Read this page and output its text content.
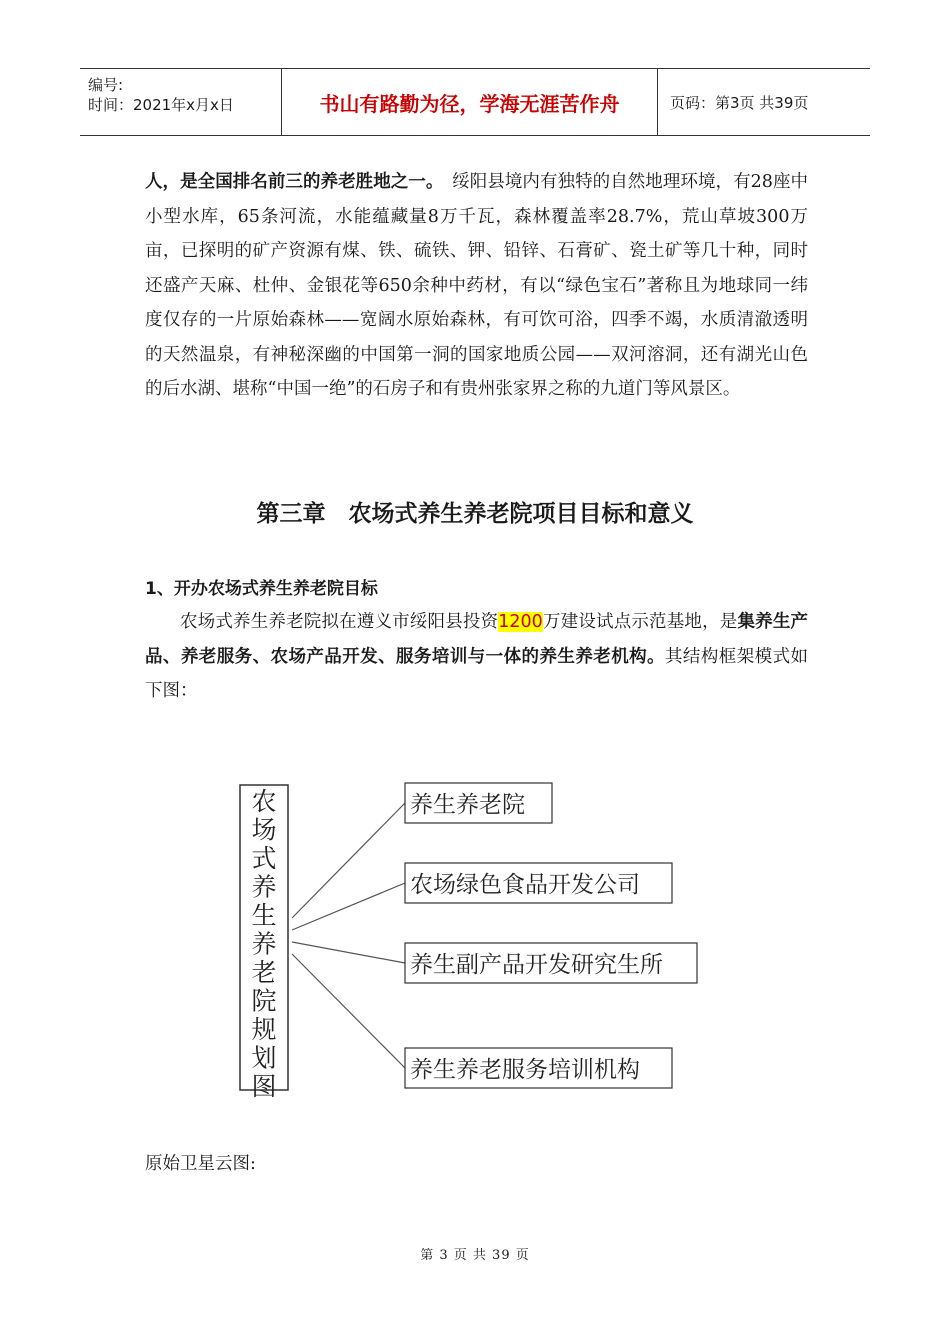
编号:
时间：2021年x月x日	书山有路勤为径，学海无涯苦作舟	页码：第3页 共39页
人，是全国排名前三的养老胜地之一。　 绥阳县境内有独特的自然地理环境，有28座中小型水库，65条河流，水能蕴藏量8万千瓦，森林覆盖率28.7%，荒山草坡300万亩，已探明的矿产资源有煤、铁、硫铁、钾、铅锌、石膏矿、瓷土矿等几十种，同时还盛产天麻、杜仲、金银花等650余种中药材，有以“绿色宝石”著称且为地球同一纬度仅存的一片原始森林——宽阔水原始森林，有可饮可浴，四季不竭，水质清澈透明的天然温泉，有神秘深幽的中国第一洞的国家地质公园——双河溶洞，还有湖光山色的后水湖、堪称“中国一绝”的石房子和有贵州张家界之称的九道门等风景区。
第三章　农场式养生养老院项目目标和意义
1、开办农场式养生养老院目标
农场式养生养老院拟在遵义市绥阳县投资1200万建设试点示范基地，是集养生产品、养老服务、农场产品开发、服务培训与一体的养生养老机构。其结构框架模式如下图：
农场式养生养老院规划图
养生养老院
农场绿色食品开发公司
养生副产品开发研究生所
养生养老服务培训机构
原始卫星云图:
第 3 页 共 39 页
